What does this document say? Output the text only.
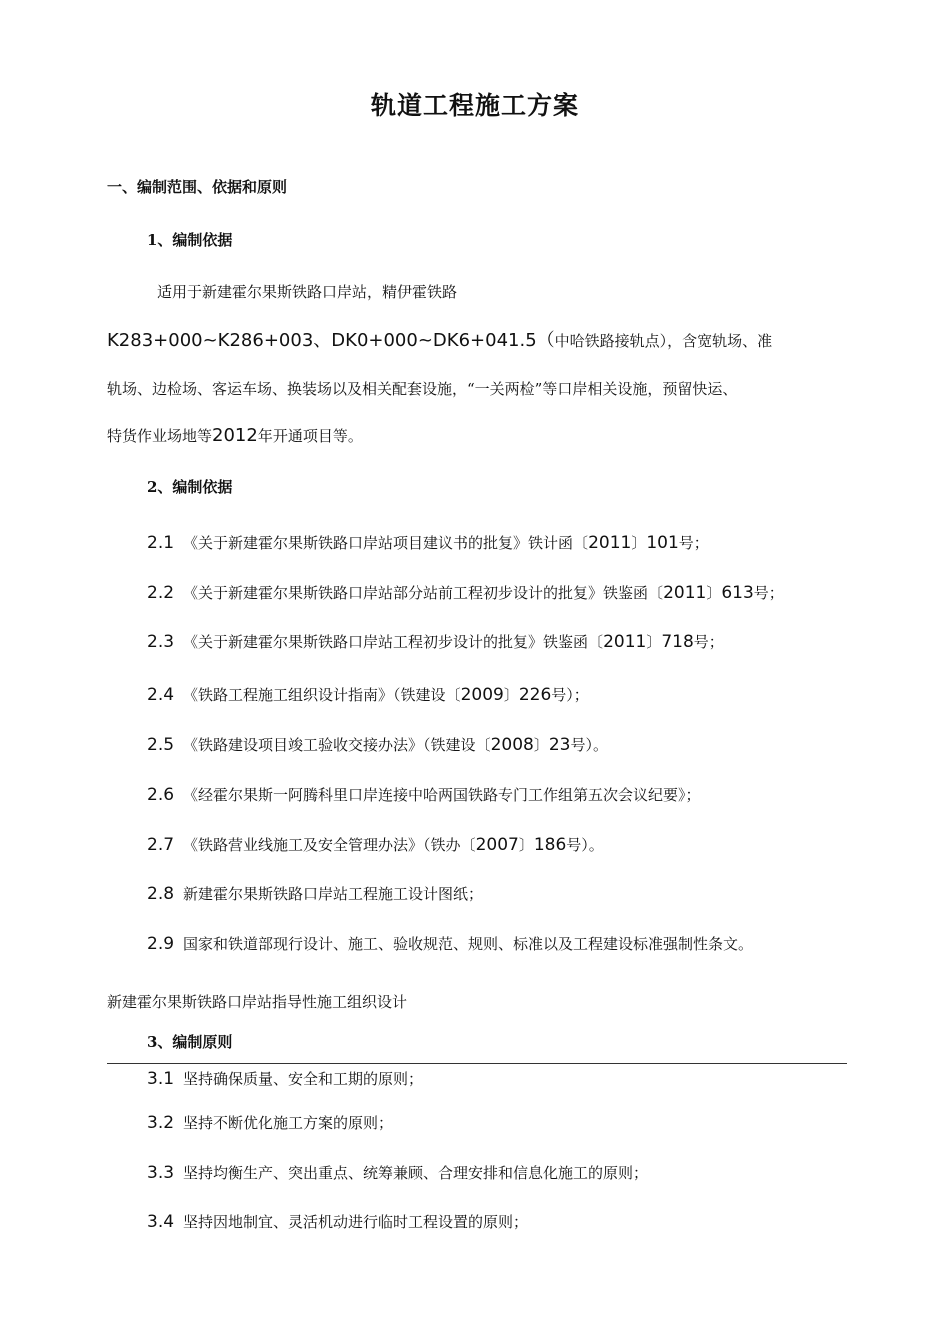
轨道工程施工方案
一、编制范围、依据和原则
1、编制依据
适用于新建霍尔果斯铁路口岸站，精伊霍铁路
K283+000~K286+003、DK0+000~DK6+041.5（中哈铁路接轨点），含宽轨场、准
轨场、边检场、客运车场、换装场以及相关配套设施，“一关两检”等口岸相关设施，预留快运、
特货作业场地等2012年开通项目等。
2、编制依据
2.1 《关于新建霍尔果斯铁路口岸站项目建议书的批复》铁计函〔2011〕101号；
2.2 《关于新建霍尔果斯铁路口岸站部分站前工程初步设计的批复》铁鉴函〔2011〕613号；
2.3 《关于新建霍尔果斯铁路口岸站工程初步设计的批复》铁鉴函〔2011〕718号；
2.4 《铁路工程施工组织设计指南》（铁建设〔2009〕226号）；
2.5 《铁路建设项目竣工验收交接办法》（铁建设〔2008〕23号）。
2.6 《经霍尔果斯一阿腾科里口岸连接中哈两国铁路专门工作组第五次会议纪要》；
2.7 《铁路营业线施工及安全管理办法》（铁办〔2007〕186号）。
2.8 新建霍尔果斯铁路口岸站工程施工设计图纸；
2.9 国家和铁道部现行设计、施工、验收规范、规则、标准以及工程建设标准强制性条文。
新建霍尔果斯铁路口岸站指导性施工组织设计
3、编制原则
3.1 坚持确保质量、安全和工期的原则；
3.2 坚持不断优化施工方案的原则；
3.3 坚持均衡生产、突出重点、统筹兼顾、合理安排和信息化施工的原则；
3.4 坚持因地制宜、灵活机动进行临时工程设置的原则；
